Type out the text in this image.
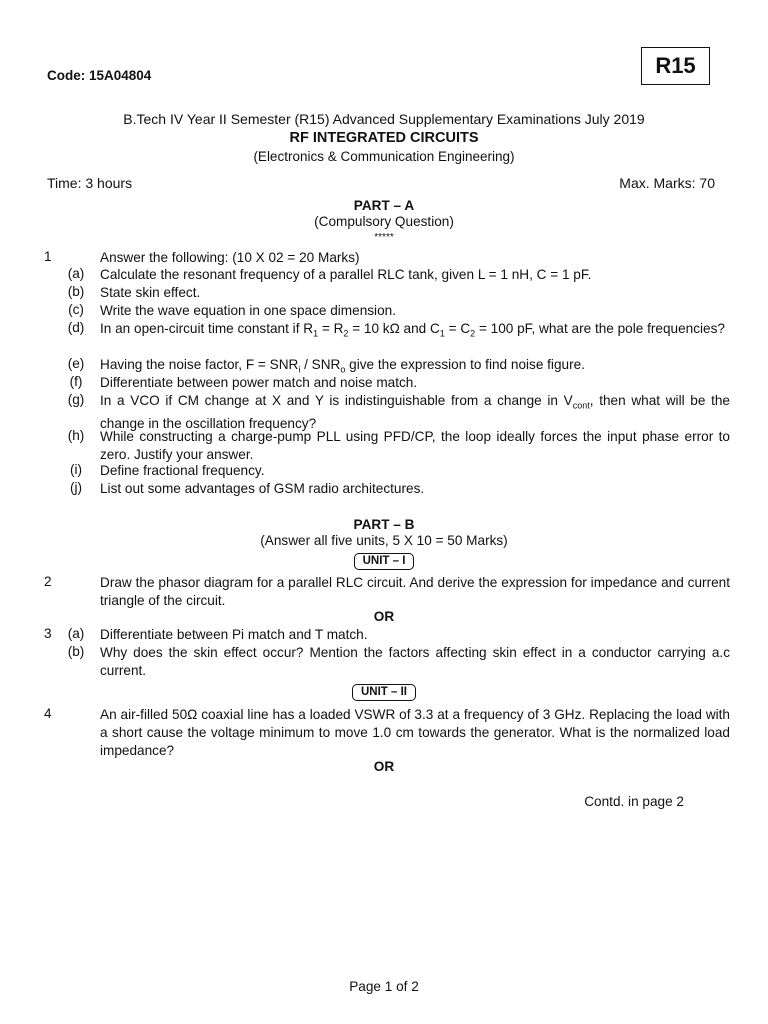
Code: 15A04804	R15
B.Tech IV Year II Semester (R15) Advanced Supplementary Examinations July 2019
RF INTEGRATED CIRCUITS
(Electronics & Communication Engineering)
Time: 3 hours	Max. Marks: 70
PART – A
(Compulsory Question)
*****
1	Answer the following: (10 X 02 = 20 Marks)
(a)	Calculate the resonant frequency of a parallel RLC tank, given L = 1 nH, C = 1 pF.
(b)	State skin effect.
(c)	Write the wave equation in one space dimension.
(d)	In an open-circuit time constant if $R_1 = R_2 = 10$ kΩ and $C_1 = C_2 = 100$ pF, what are the pole frequencies?
(e)	Having the noise factor, $F = SNR_i / SNR_o$ give the expression to find noise figure.
(f)	Differentiate between power match and noise match.
(g)	In a VCO if CM change at X and Y is indistinguishable from a change in $V_{cont}$, then what will be the change in the oscillation frequency?
(h)	While constructing a charge-pump PLL using PFD/CP, the loop ideally forces the input phase error to zero. Justify your answer.
(i)	Define fractional frequency.
(j)	List out some advantages of GSM radio architectures.
PART – B
(Answer all five units, 5 X 10 = 50 Marks)
UNIT – I
2	Draw the phasor diagram for a parallel RLC circuit. And derive the expression for impedance and current triangle of the circuit.
OR
3	(a)	Differentiate between Pi match and T match.
(b)	Why does the skin effect occur? Mention the factors affecting skin effect in a conductor carrying a.c current.
UNIT – II
4	An air-filled 50Ω coaxial line has a loaded VSWR of 3.3 at a frequency of 3 GHz. Replacing the load with a short cause the voltage minimum to move 1.0 cm towards the generator. What is the normalized load impedance?
OR
Contd. in page 2
Page 1 of 2
